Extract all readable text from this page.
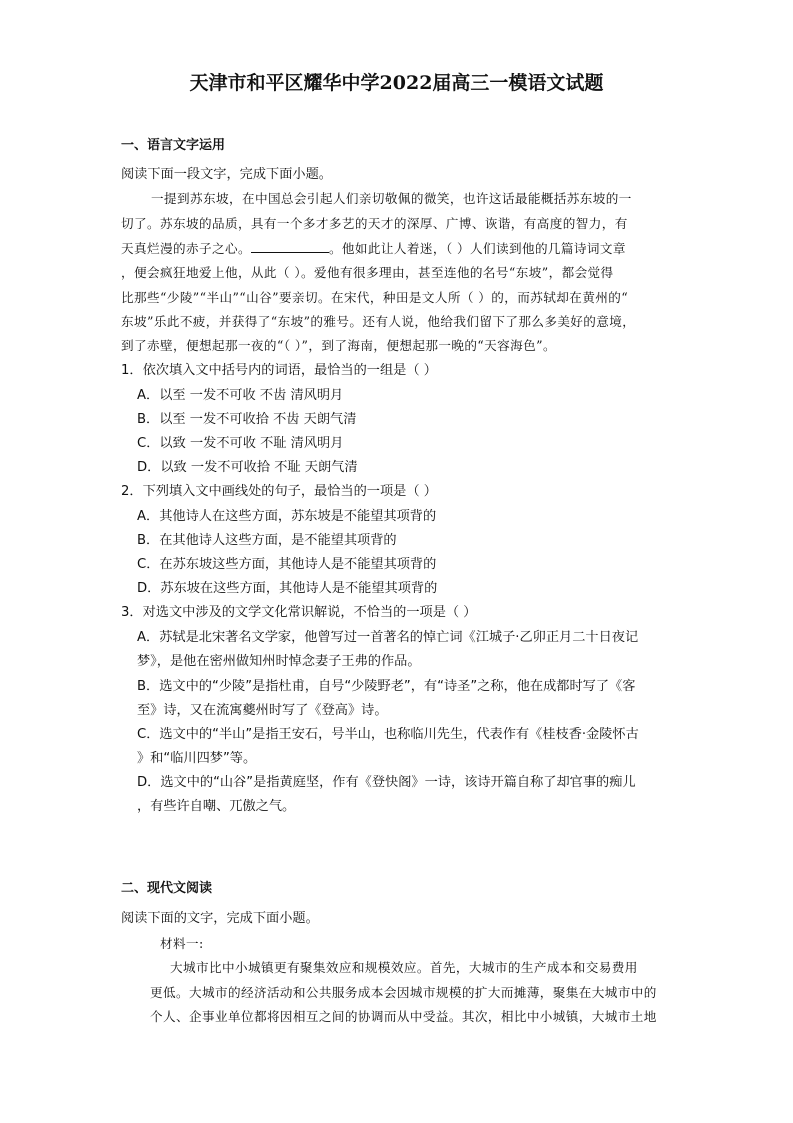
天津市和平区耀华中学2022届高三一模语文试题
一、语言文字运用
阅读下面一段文字，完成下面小题。
一提到苏东坡，在中国总会引起人们亲切敬佩的微笑，也许这话最能概括苏东坡的一
切了。苏东坡的品质，具有一个多才多艺的天才的深厚、广博、诙谐，有高度的智力，有
天真烂漫的赤子之心。	。他如此让人着迷，（ ）人们读到他的几篇诗词文章
，便会疯狂地爱上他，从此（ ）。爱他有很多理由，甚至连他的名号“东坡”，都会觉得
比那些“少陵”“半山”“山谷”要亲切。在宋代，种田是文人所（ ）的，而苏轼却在黄州的“
东坡”乐此不疲，并获得了“东坡”的雅号。还有人说，他给我们留下了那么多美好的意境，
到了赤壁，便想起那一夜的“（ ）”，到了海南，便想起那一晚的“天容海色”。
1．依次填入文中括号内的词语，最恰当的一组是（ ）
A．以至 一发不可收 不齿 清风明月
B．以至 一发不可收拾 不齿 天朗气清
C．以致 一发不可收 不耻 清风明月
D．以致 一发不可收拾 不耻 天朗气清
2．下列填入文中画线处的句子，最恰当的一项是（ ）
A．其他诗人在这些方面，苏东坡是不能望其项背的
B．在其他诗人这些方面，是不能望其项背的
C．在苏东坡这些方面，其他诗人是不能望其项背的
D．苏东坡在这些方面，其他诗人是不能望其项背的
3．对选文中涉及的文学文化常识解说，不恰当的一项是（ ）
A．苏轼是北宋著名文学家，他曾写过一首著名的悼亡词《江城子·乙卯正月二十日夜记
梦》，是他在密州做知州时悼念妻子王弗的作品。
B．选文中的“少陵”是指杜甫，自号“少陵野老”，有“诗圣”之称，他在成都时写了《客
至》诗，又在流寓夔州时写了《登高》诗。
C．选文中的“半山”是指王安石，号半山，也称临川先生，代表作有《桂枝香·金陵怀古
》和“临川四梦”等。
D．选文中的“山谷”是指黄庭坚，作有《登快阁》一诗，该诗开篇自称了却官事的痴儿
，有些许自嘲、兀傲之气。
二、现代文阅读
阅读下面的文字，完成下面小题。
材料一:
大城市比中小城镇更有聚集效应和规模效应。首先，大城市的生产成本和交易费用
更低。大城市的经济活动和公共服务成本会因城市规模的扩大而摊薄，聚集在大城市中的
个人、企事业单位都将因相互之间的协调而从中受益。其次，相比中小城镇，大城市土地
